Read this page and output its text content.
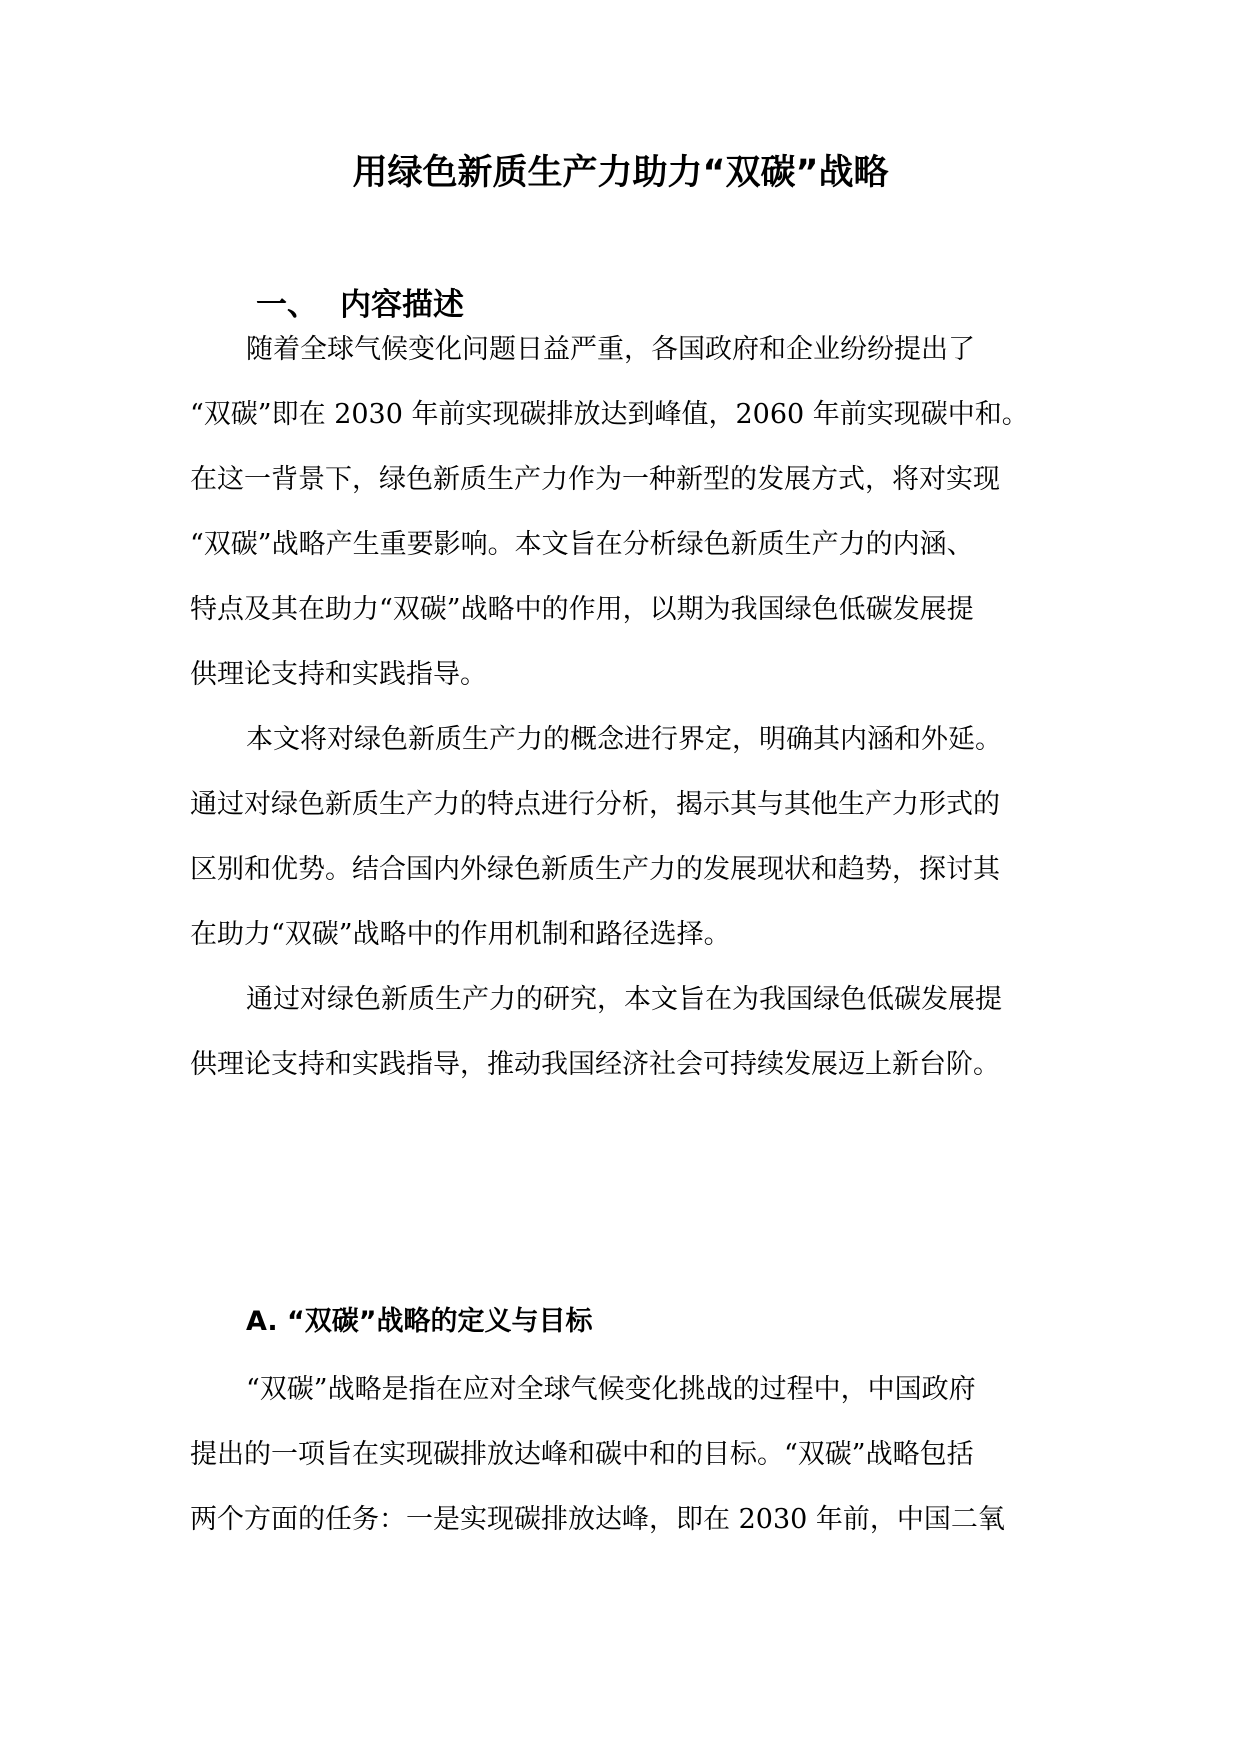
用绿色新质生产力助力“双碳”战略
一、 内容描述

随着全球气候变化问题日益严重，各国政府和企业纷纷提出了

“双碳”即在 2030 年前实现碳排放达到峰值，2060 年前实现碳中和。

在这一背景下，绿色新质生产力作为一种新型的发展方式，将对实现

“双碳”战略产生重要影响。本文旨在分析绿色新质生产力的内涵、

特点及其在助力“双碳”战略中的作用，以期为我国绿色低碳发展提

供理论支持和实践指导。

本文将对绿色新质生产力的概念进行界定，明确其内涵和外延。

通过对绿色新质生产力的特点进行分析，揭示其与其他生产力形式的

区别和优势。结合国内外绿色新质生产力的发展现状和趋势，探讨其

在助力“双碳”战略中的作用机制和路径选择。

通过对绿色新质生产力的研究，本文旨在为我国绿色低碳发展提

供理论支持和实践指导，推动我国经济社会可持续发展迈上新台阶。

A. “双碳”战略的定义与目标

“双碳”战略是指在应对全球气候变化挑战的过程中，中国政府

提出的一项旨在实现碳排放达峰和碳中和的目标。“双碳”战略包括

两个方面的任务：一是实现碳排放达峰，即在 2030 年前，中国二氧
